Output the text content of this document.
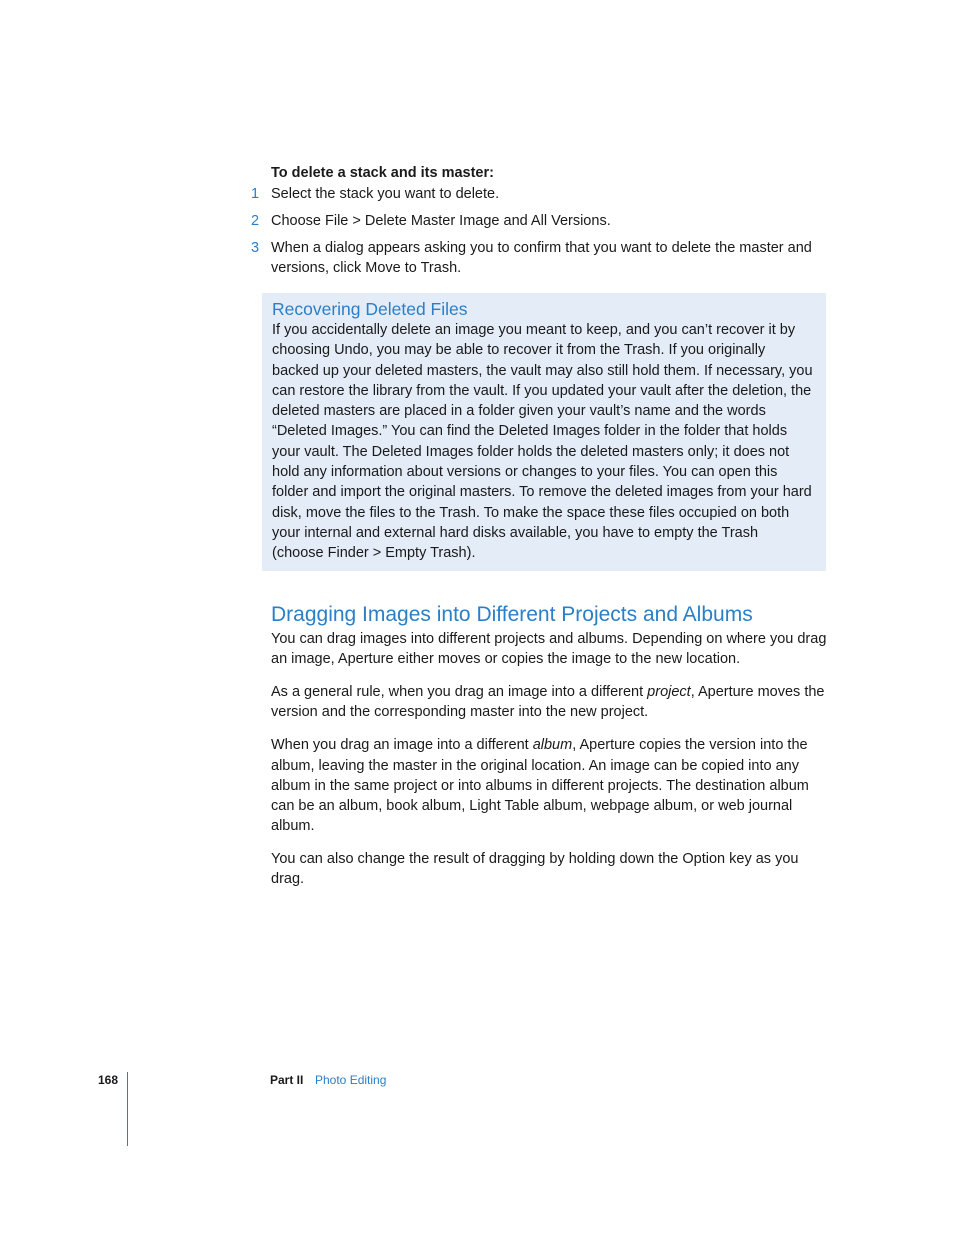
To delete a stack and its master:
1 Select the stack you want to delete.
2 Choose File > Delete Master Image and All Versions.
3 When a dialog appears asking you to confirm that you want to delete the master and versions, click Move to Trash.
Recovering Deleted Files

If you accidentally delete an image you meant to keep, and you can’t recover it by choosing Undo, you may be able to recover it from the Trash. If you originally backed up your deleted masters, the vault may also still hold them. If necessary, you can restore the library from the vault. If you updated your vault after the deletion, the deleted masters are placed in a folder given your vault’s name and the words “Deleted Images.” You can find the Deleted Images folder in the folder that holds your vault. The Deleted Images folder holds the deleted masters only; it does not hold any information about versions or changes to your files. You can open this folder and import the original masters. To remove the deleted images from your hard disk, move the files to the Trash. To make the space these files occupied on both your internal and external hard disks available, you have to empty the Trash
(choose Finder > Empty Trash).

Dragging Images into Different Projects and Albums

You can drag images into different projects and albums. Depending on where you drag an image, Aperture either moves or copies the image to the new location.

As a general rule, when you drag an image into a different project, Aperture moves the version and the corresponding master into the new project.

When you drag an image into a different album, Aperture copies the version into the album, leaving the master in the original location. An image can be copied into any album in the same project or into albums in different projects. The destination album can be an album, book album, Light Table album, webpage album, or web journal album.

You can also change the result of dragging by holding down the Option key as you drag.

168	Part II Photo Editing
